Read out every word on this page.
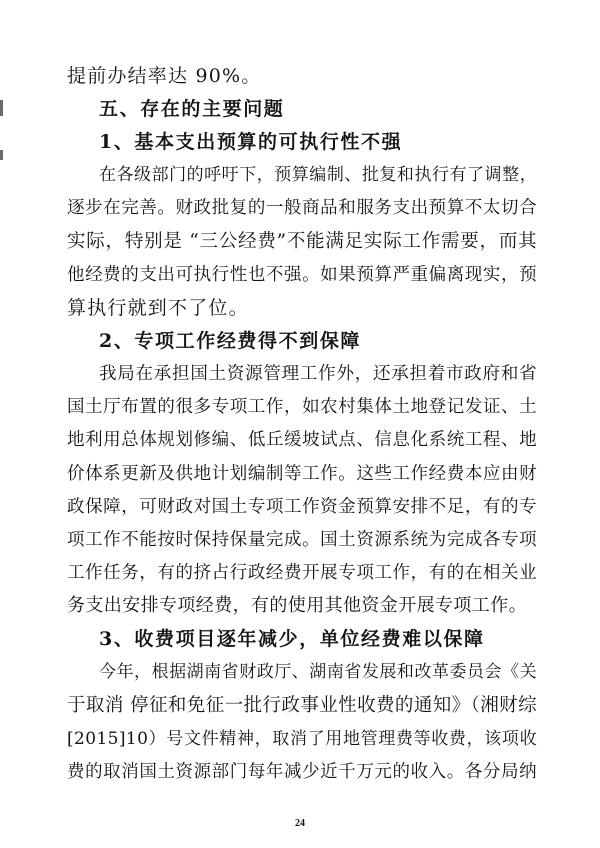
提前办结率达 90%。
五、存在的主要问题
1、基本支出预算的可执行性不强
在各级部门的呼吁下，预算编制、批复和执行有了调整，
逐步在完善。财政批复的一般商品和服务支出预算不太切合
实际，特别是 “三公经费”不能满足实际工作需要，而其
他经费的支出可执行性也不强。如果预算严重偏离现实，预
算执行就到不了位。
2、专项工作经费得不到保障
我局在承担国土资源管理工作外，还承担着市政府和省
国土厅布置的很多专项工作，如农村集体土地登记发证、土
地利用总体规划修编、低丘缓坡试点、信息化系统工程、地
价体系更新及供地计划编制等工作。这些工作经费本应由财
政保障，可财政对国土专项工作资金预算安排不足，有的专
项工作不能按时保持保量完成。国土资源系统为完成各专项
工作任务，有的挤占行政经费开展专项工作，有的在相关业
务支出安排专项经费，有的使用其他资金开展专项工作。
3、收费项目逐年减少，单位经费难以保障
今年，根据湖南省财政厅、湖南省发展和改革委员会《关
于取消 停征和免征一批行政事业性收费的通知》（湘财综
[2015]10）号文件精神，取消了用地管理费等收费，该项收
费的取消国土资源部门每年减少近千万元的收入。各分局纳
24
